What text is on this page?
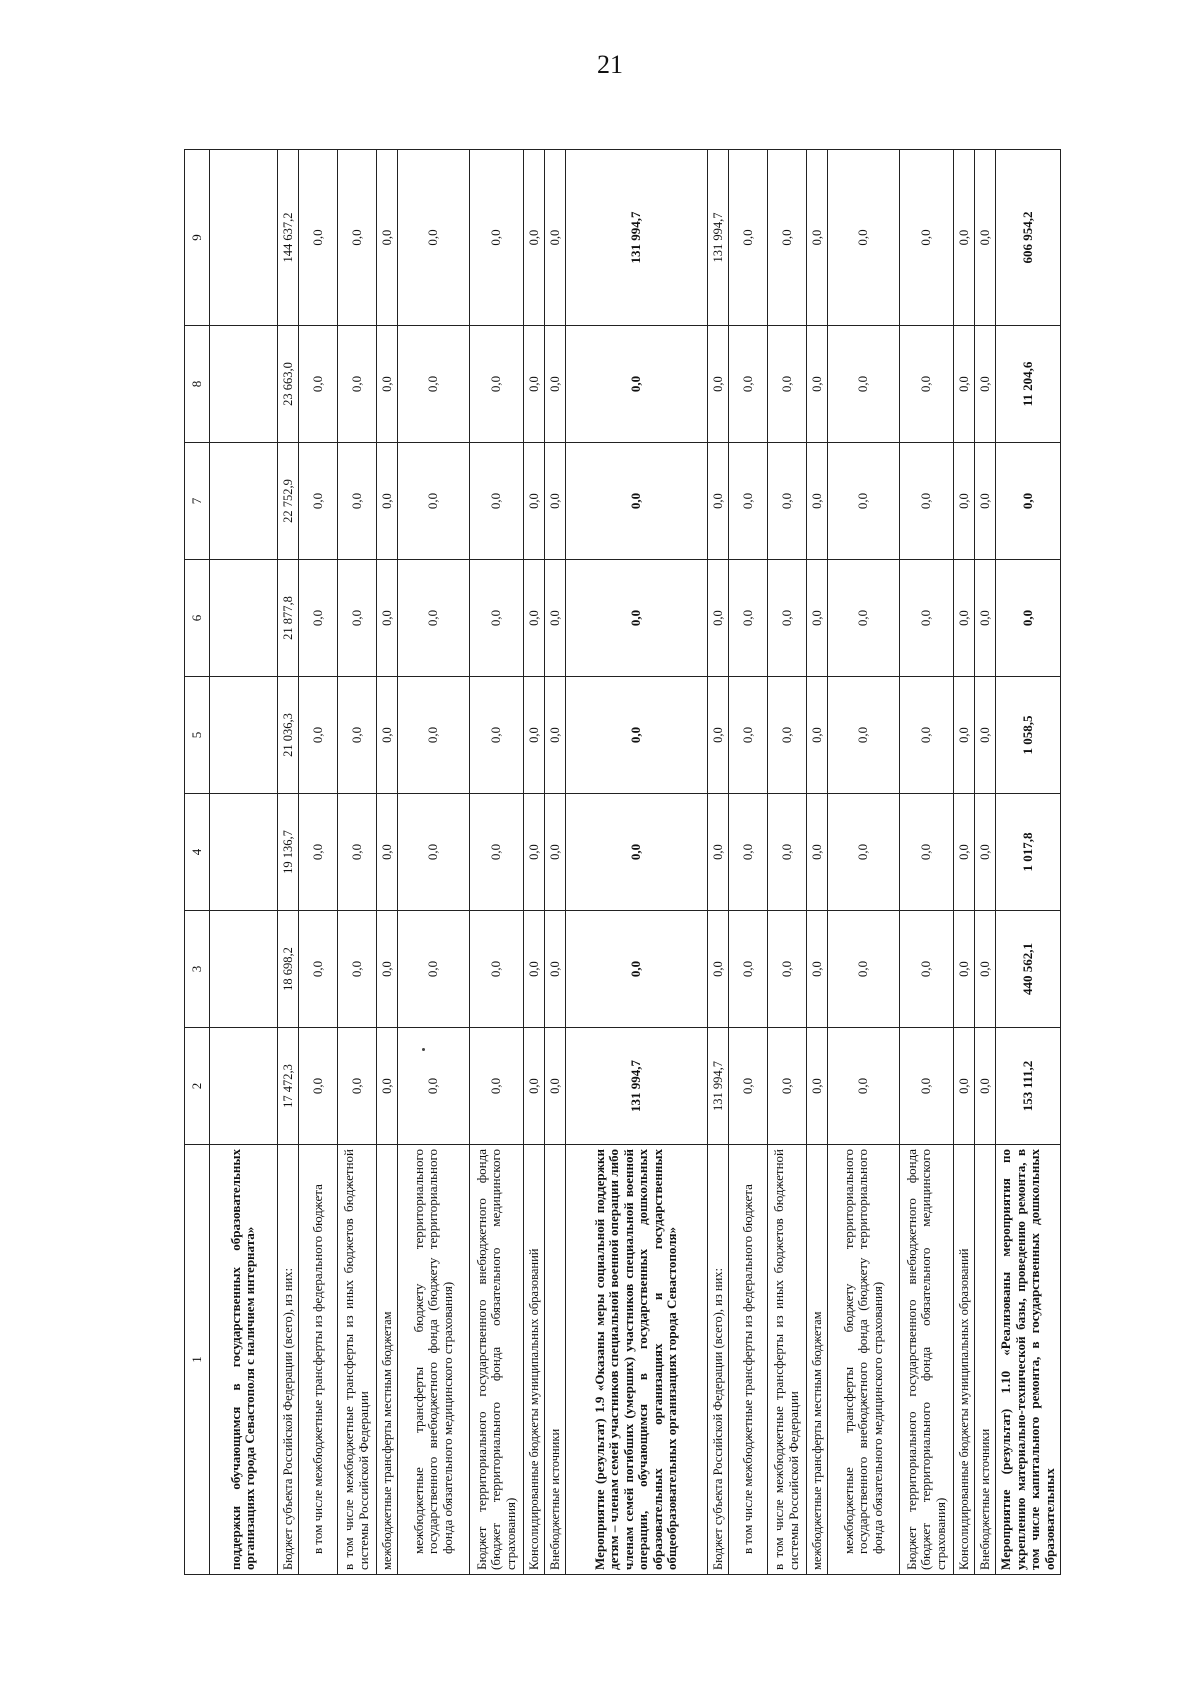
21
1	2	3	4	5	6	7	8	9
поддержки обучающимся в государственных образовательных организациях города Севастополя с наличием интерната»								
Бюджет субъекта Российской Федерации (всего), из них:	17 472,3	18 698,2	19 136,7	21 036,3	21 877,8	22 752,9	23 663,0	144 637,2
в том числе межбюджетные трансферты из федерального бюджета	0,0	0,0	0,0	0,0	0,0	0,0	0,0	0,0
в том числе межбюджетные трансферты из иных бюджетов бюджетной системы Российской Федерации	0,0	0,0	0,0	0,0	0,0	0,0	0,0	0,0
межбюджетные трансферты местным бюджетам	0,0	0,0	0,0	0,0	0,0	0,0	0,0	0,0
межбюджетные трансферты бюджету территориального государственного внебюджетного фонда (бюджету территориального фонда обязательного медицинского страхования)	0,0	0,0	0,0	0,0	0,0	0,0	0,0	0,0
Бюджет территориального государственного внебюджетного фонда (бюджет территориального фонда обязательного медицинского страхования)	0,0	0,0	0,0	0,0	0,0	0,0	0,0	0,0
Консолидированные бюджеты муниципальных образований	0,0	0,0	0,0	0,0	0,0	0,0	0,0	0,0
Внебюджетные источники	0,0	0,0	0,0	0,0	0,0	0,0	0,0	0,0
Мероприятие (результат) 1.9 «Оказаны меры социальной поддержки детям – членам семей участников специальной военной операции либо членам семей погибших (умерших) участников специальной военной операции, обучающимся в государственных дошкольных образовательных организациях и государственных общеобразовательных организациях города Севастополя»	131 994,7	0,0	0,0	0,0	0,0	0,0	0,0	131 994,7
Бюджет субъекта Российской Федерации (всего), из них:	131 994,7	0,0	0,0	0,0	0,0	0,0	0,0	131 994,7
в том числе межбюджетные трансферты из федерального бюджета	0,0	0,0	0,0	0,0	0,0	0,0	0,0	0,0
в том числе межбюджетные трансферты из иных бюджетов бюджетной системы Российской Федерации	0,0	0,0	0,0	0,0	0,0	0,0	0,0	0,0
межбюджетные трансферты местным бюджетам	0,0	0,0	0,0	0,0	0,0	0,0	0,0	0,0
межбюджетные трансферты бюджету территориального государственного внебюджетного фонда (бюджету территориального фонда обязательного медицинского страхования)	0,0	0,0	0,0	0,0	0,0	0,0	0,0	0,0
Бюджет территориального государственного внебюджетного фонда (бюджет территориального фонда обязательного медицинского страхования)	0,0	0,0	0,0	0,0	0,0	0,0	0,0	0,0
Консолидированные бюджеты муниципальных образований	0,0	0,0	0,0	0,0	0,0	0,0	0,0	0,0
Внебюджетные источники	0,0	0,0	0,0	0,0	0,0	0,0	0,0	0,0
Мероприятие (результат) 1.10 «Реализованы мероприятия по укреплению материально-технической базы, проведению ремонта, в том числе капитального ремонта, в государственных дошкольных образовательных	153 111,2	440 562,1	1 017,8	1 058,5	0,0	0,0	11 204,6	606 954,2
